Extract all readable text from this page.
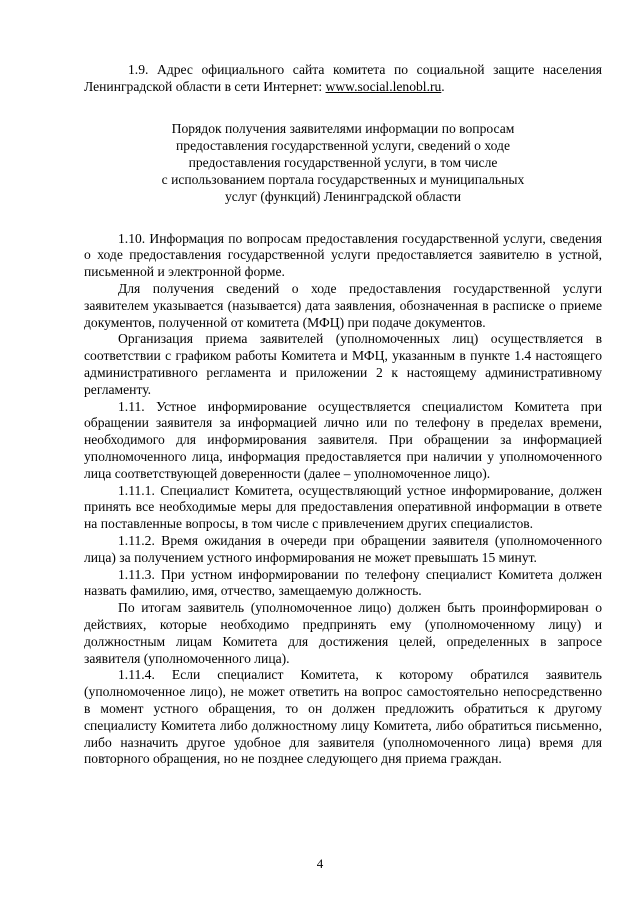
1.9. Адрес официального сайта комитета по социальной защите населения Ленинградской области в сети Интернет: www.social.lenobl.ru.

Порядок получения заявителями информации по вопросам
предоставления государственной услуги, сведений о ходе
предоставления государственной услуги, в том числе
с использованием портала государственных и муниципальных
услуг (функций) Ленинградской области

1.10. Информация по вопросам предоставления государственной услуги, сведения о ходе предоставления государственной услуги предоставляется заявителю в устной, письменной и электронной форме.

Для получения сведений о ходе предоставления государственной услуги заявителем указывается (называется) дата заявления, обозначенная в расписке о приеме документов, полученной от комитета (МФЦ) при подаче документов.

Организация приема заявителей (уполномоченных лиц) осуществляется в соответствии с графиком работы Комитета и МФЦ, указанным в пункте 1.4 настоящего административного регламента и приложении 2 к настоящему административному регламенту.

1.11. Устное информирование осуществляется специалистом Комитета при обращении заявителя за информацией лично или по телефону в пределах времени, необходимого для информирования заявителя. При обращении за информацией уполномоченного лица, информация предоставляется при наличии у уполномоченного лица соответствующей доверенности (далее – уполномоченное лицо).

1.11.1. Специалист Комитета, осуществляющий устное информирование, должен принять все необходимые меры для предоставления оперативной информации в ответе на поставленные вопросы, в том числе с привлечением других специалистов.

1.11.2. Время ожидания в очереди при обращении заявителя (уполномоченного лица) за получением устного информирования не может превышать 15 минут.

1.11.3. При устном информировании по телефону специалист Комитета должен назвать фамилию, имя, отчество, замещаемую должность.

По итогам заявитель (уполномоченное лицо) должен быть проинформирован о действиях, которые необходимо предпринять ему (уполномоченному лицу) и должностным лицам Комитета для достижения целей, определенных в запросе заявителя (уполномоченного лица).

1.11.4. Если специалист Комитета, к которому обратился заявитель (уполномоченное лицо), не может ответить на вопрос самостоятельно непосредственно в момент устного обращения, то он должен предложить обратиться к другому специалисту Комитета либо должностному лицу Комитета, либо обратиться письменно, либо назначить другое удобное для заявителя (уполномоченного лица) время для повторного обращения, но не позднее следующего дня приема граждан.

4
